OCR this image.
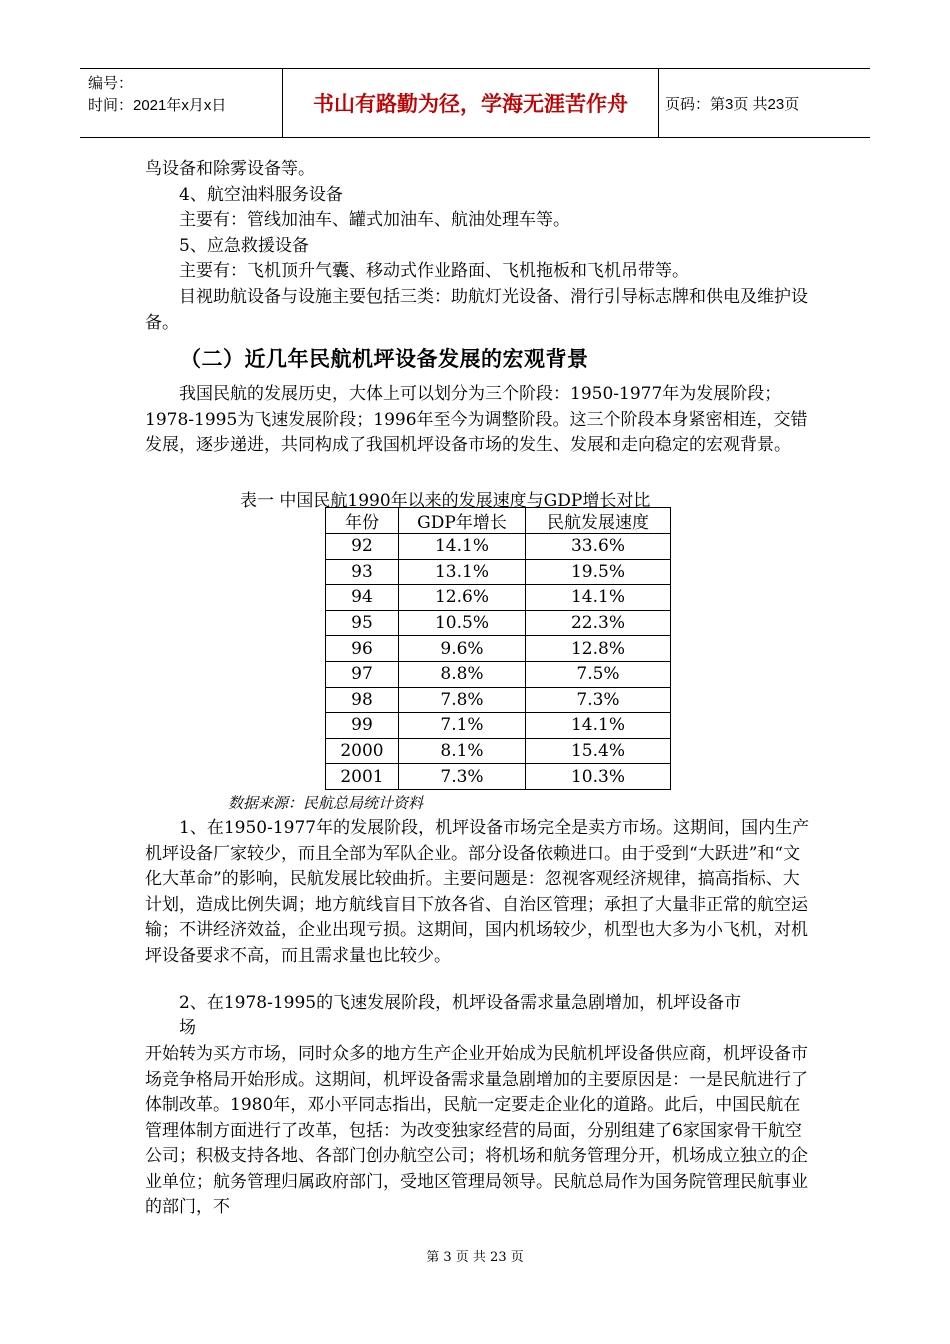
编号：
时间：2021年x月x日	书山有路勤为径，学海无涯苦作舟	页码：第3页 共23页

鸟设备和除雾设备等。

4、航空油料服务设备

主要有：管线加油车、罐式加油车、航油处理车等。

5、应急救援设备

主要有：飞机顶升气囊、移动式作业路面、飞机拖板和飞机吊带等。

目视助航设备与设施主要包括三类：助航灯光设备、滑行引导标志牌和供电及维护设备。

（二）近几年民航机坪设备发展的宏观背景

我国民航的发展历史，大体上可以划分为三个阶段：1950-1977年为发展阶段；1978-1995为飞速发展阶段；1996年至今为调整阶段。这三个阶段本身紧密相连，交错发展，逐步递进，共同构成了我国机坪设备市场的发生、发展和走向稳定的宏观背景。

表一 中国民航1990年以来的发展速度与GDP增长对比
年份	GDP年增长	民航发展速度
92	14.1%	33.6%
93	13.1%	19.5%
94	12.6%	14.1%
95	10.5%	22.3%
96	9.6%	12.8%
97	8.8%	7.5%
98	7.8%	7.3%
99	7.1%	14.1%
2000	8.1%	15.4%
2001	7.3%	10.3%
数据来源：民航总局统计资料

1、在1950-1977年的发展阶段，机坪设备市场完全是卖方市场。这期间，国内生产机坪设备厂家较少，而且全部为军队企业。部分设备依赖进口。由于受到“大跃进”和“文化大革命”的影响，民航发展比较曲折。主要问题是：忽视客观经济规律，搞高指标、大计划，造成比例失调；地方航线盲目下放各省、自治区管理；承担了大量非正常的航空运输；不讲经济效益，企业出现亏损。这期间，国内机场较少，机型也大多为小飞机，对机坪设备要求不高，而且需求量也比较少。

2、在1978-1995的飞速发展阶段，机坪设备需求量急剧增加，机坪设备市

场

开始转为买方市场，同时众多的地方生产企业开始成为民航机坪设备供应商，机坪设备市场竞争格局开始形成。这期间，机坪设备需求量急剧增加的主要原因是：一是民航进行了体制改革。1980年，邓小平同志指出，民航一定要走企业化的道路。此后，中国民航在管理体制方面进行了改革，包括：为改变独家经营的局面，分别组建了6家国家骨干航空公司；积极支持各地、各部门创办航空公司；将机场和航务管理分开，机场成立独立的企业单位；航务管理归属政府部门，受地区管理局领导。民航总局作为国务院管理民航事业的部门，不

第 3 页 共 23 页
